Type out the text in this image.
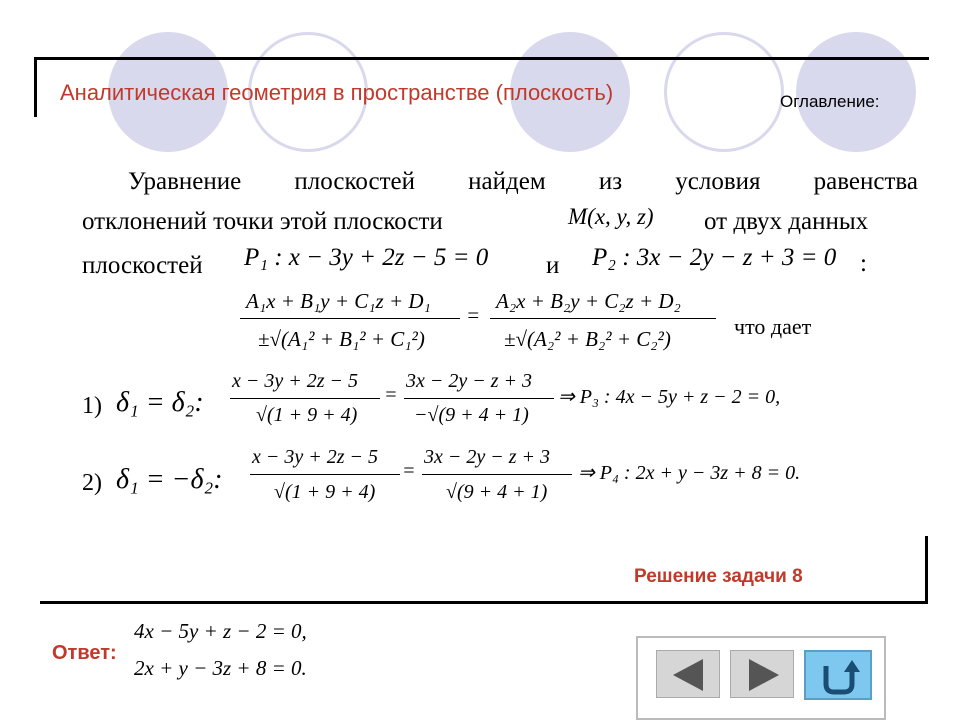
Аналитическая геометрия в пространстве (плоскость)	Оглавление:
Уравнение плоскостей найдем из условия равенства
отклонений точки этой плоскости	M(x, y, z) от двух данных
плоскостей P₁ : x − 3y + 2z − 5 = 0 и P₂ : 3x − 2y − z + 3 = 0 :
A₁x + B₁y + C₁z + D₁
±√(A₁² + B₁² + C₁²)
=
A₂x + B₂y + C₂z + D₂
±√(A₂² + B₂² + C₂²)	что дает
1) δ₁ = δ₂:
x − 3y + 2z − 5
√(1 + 9 + 4)
=
3x − 2y − z + 3
−√(9 + 4 + 1)
⇒ P₃ : 4x − 5y + z − 2 = 0,
2) δ₁ = −δ₂:
x − 3y + 2z − 5
√(1 + 9 + 4)
=
3x − 2y − z + 3
√(9 + 4 + 1)
⇒ P₄ : 2x + y − 3z + 8 = 0.
Решение задачи 8
Ответ:
4x − 5y + z − 2 = 0,
2x + y − 3z + 8 = 0.
